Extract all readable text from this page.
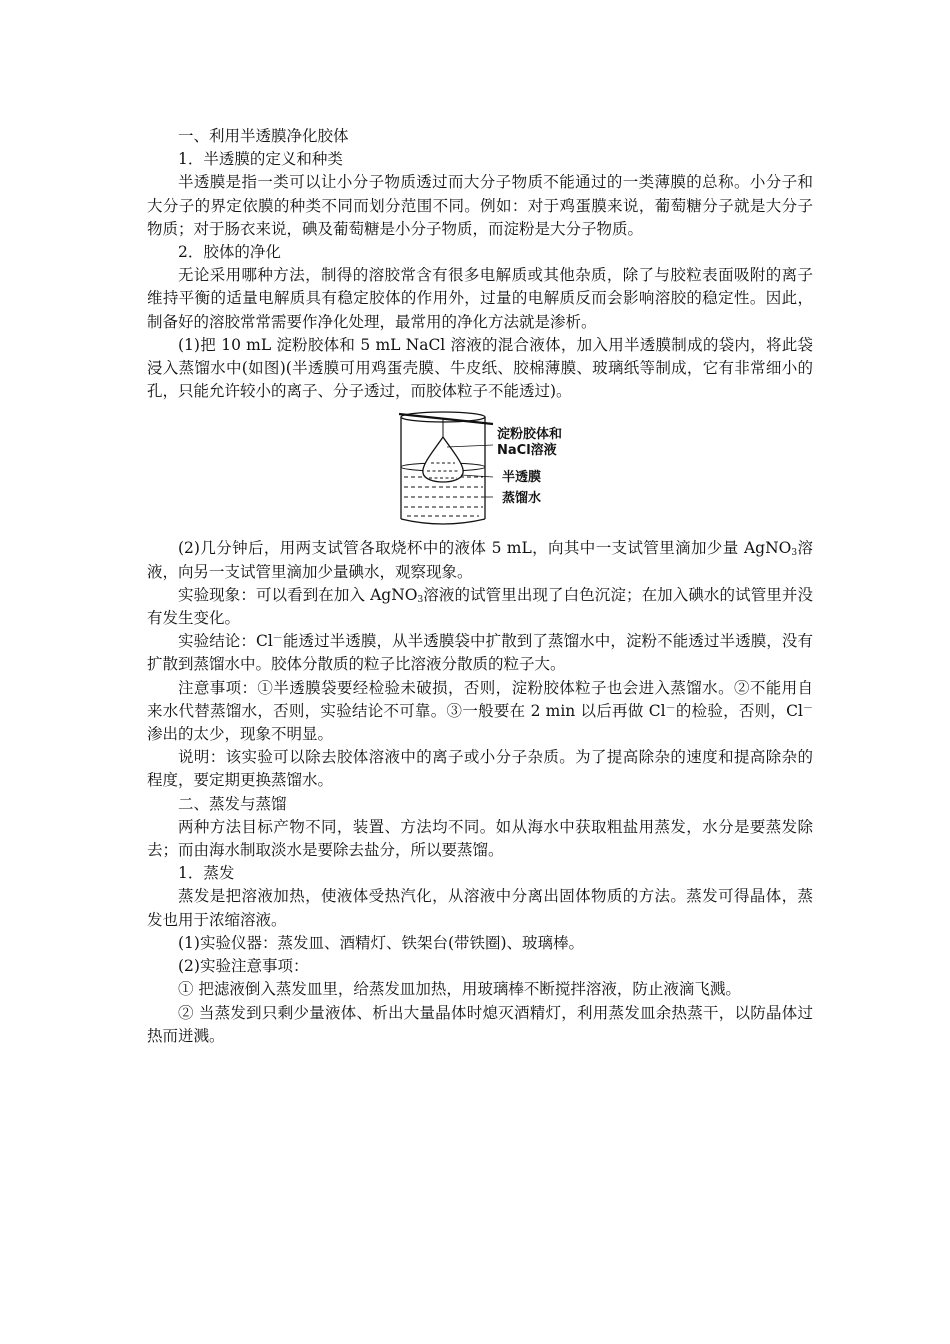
一、利用半透膜净化胶体

1．半透膜的定义和种类

半透膜是指一类可以让小分子物质透过而大分子物质不能通过的一类薄膜的总称。小分子和大分子的界定依膜的种类不同而划分范围不同。例如：对于鸡蛋膜来说，葡萄糖分子就是大分子物质；对于肠衣来说，碘及葡萄糖是小分子物质，而淀粉是大分子物质。

2．胶体的净化

无论采用哪种方法，制得的溶胶常含有很多电解质或其他杂质，除了与胶粒表面吸附的离子维持平衡的适量电解质具有稳定胶体的作用外，过量的电解质反而会影响溶胶的稳定性。因此，制备好的溶胶常常需要作净化处理，最常用的净化方法就是渗析。

(1)把 10 mL 淀粉胶体和 5 mL NaCl 溶液的混合液体，加入用半透膜制成的袋内，将此袋浸入蒸馏水中(如图)(半透膜可用鸡蛋壳膜、牛皮纸、胶棉薄膜、玻璃纸等制成，它有非常细小的孔，只能允许较小的离子、分子透过，而胶体粒子不能透过)。

淀粉胶体和
NaCl溶液
半透膜
蒸馏水

(2)几分钟后，用两支试管各取烧杯中的液体 5 mL，向其中一支试管里滴加少量 AgNO$_3$溶液，向另一支试管里滴加少量碘水，观察现象。

实验现象：可以看到在加入 AgNO$_3$溶液的试管里出现了白色沉淀；在加入碘水的试管里并没有发生变化。

实验结论：Cl－能透过半透膜，从半透膜袋中扩散到了蒸馏水中，淀粉不能透过半透膜，没有扩散到蒸馏水中。胶体分散质的粒子比溶液分散质的粒子大。

注意事项：①半透膜袋要经检验未破损，否则，淀粉胶体粒子也会进入蒸馏水。②不能用自来水代替蒸馏水，否则，实验结论不可靠。③一般要在 2 min 以后再做 Cl－的检验，否则，Cl－渗出的太少，现象不明显。

说明：该实验可以除去胶体溶液中的离子或小分子杂质。为了提高除杂的速度和提高除杂的程度，要定期更换蒸馏水。

二、蒸发与蒸馏

两种方法目标产物不同，装置、方法均不同。如从海水中获取粗盐用蒸发，水分是要蒸发除去；而由海水制取淡水是要除去盐分，所以要蒸馏。

1．蒸发

蒸发是把溶液加热，使液体受热汽化，从溶液中分离出固体物质的方法。蒸发可得晶体，蒸发也用于浓缩溶液。

(1)实验仪器：蒸发皿、酒精灯、铁架台(带铁圈)、玻璃棒。

(2)实验注意事项：

① 把滤液倒入蒸发皿里，给蒸发皿加热，用玻璃棒不断搅拌溶液，防止液滴飞溅。

② 当蒸发到只剩少量液体、析出大量晶体时熄灭酒精灯，利用蒸发皿余热蒸干，以防晶体过热而迸溅。
